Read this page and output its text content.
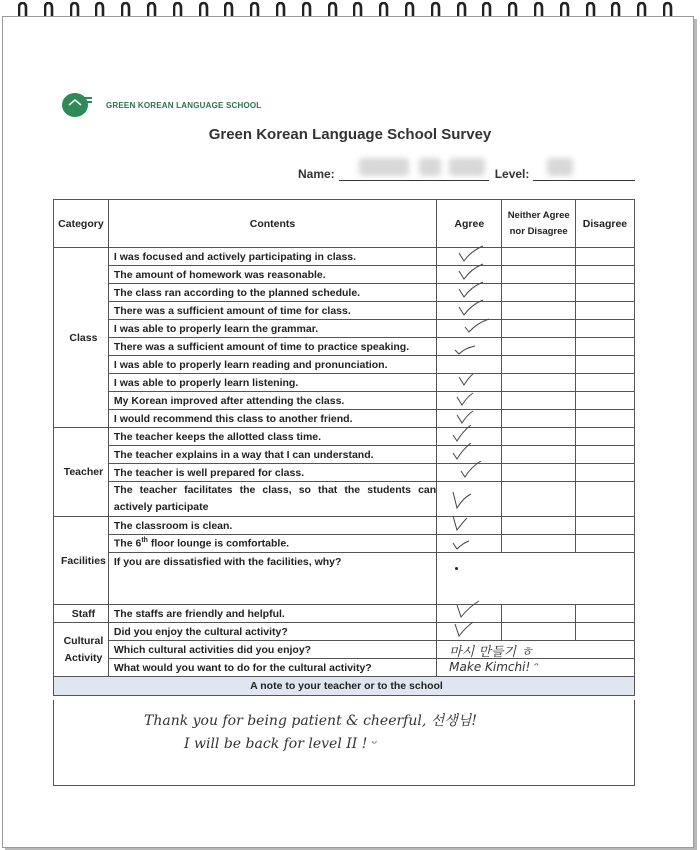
GREEN KOREAN LANGUAGE SCHOOL
Green Korean Language School Survey
Name:	Level:
Category	Contents	Agree	Neither Agree nor Disagree	Disagree
Class	I was focused and actively participating in class.	

	The amount of homework was reasonable.	

	The class ran according to the planned schedule.	

	There was a sufficient amount of time for class.	

	I was able to properly learn the grammar.	

	There was a sufficient amount of time to practice speaking.	

	I was able to properly learn reading and pronunciation.			
	I was able to properly learn listening.	

	My Korean improved after attending the class.	

	I would recommend this class to another friend.	

Teacher	The teacher keeps the allotted class time.	

	The teacher explains in a way that I can understand.	

	The teacher is well prepared for class.	

	The teacher facilitates the class, so that the students can actively participate	

Facilities	The classroom is clean.	

	The 6th floor lounge is comfortable.	

	If you are dissatisfied with the facilities, why?			

Staff	The staffs are friendly and helpful.	

Cultural Activity	Did you enjoy the cultural activity?	

	Which cultural activities did you enjoy?	마시 만들기 ㅎ		

	What would you want to do for the cultural activity?	Make Kimchi! ᵔ		

A note to your teacher or to the school				
Thank you for being patient & cheerful, 선생님!
I will be back for level II ! ᵕ
